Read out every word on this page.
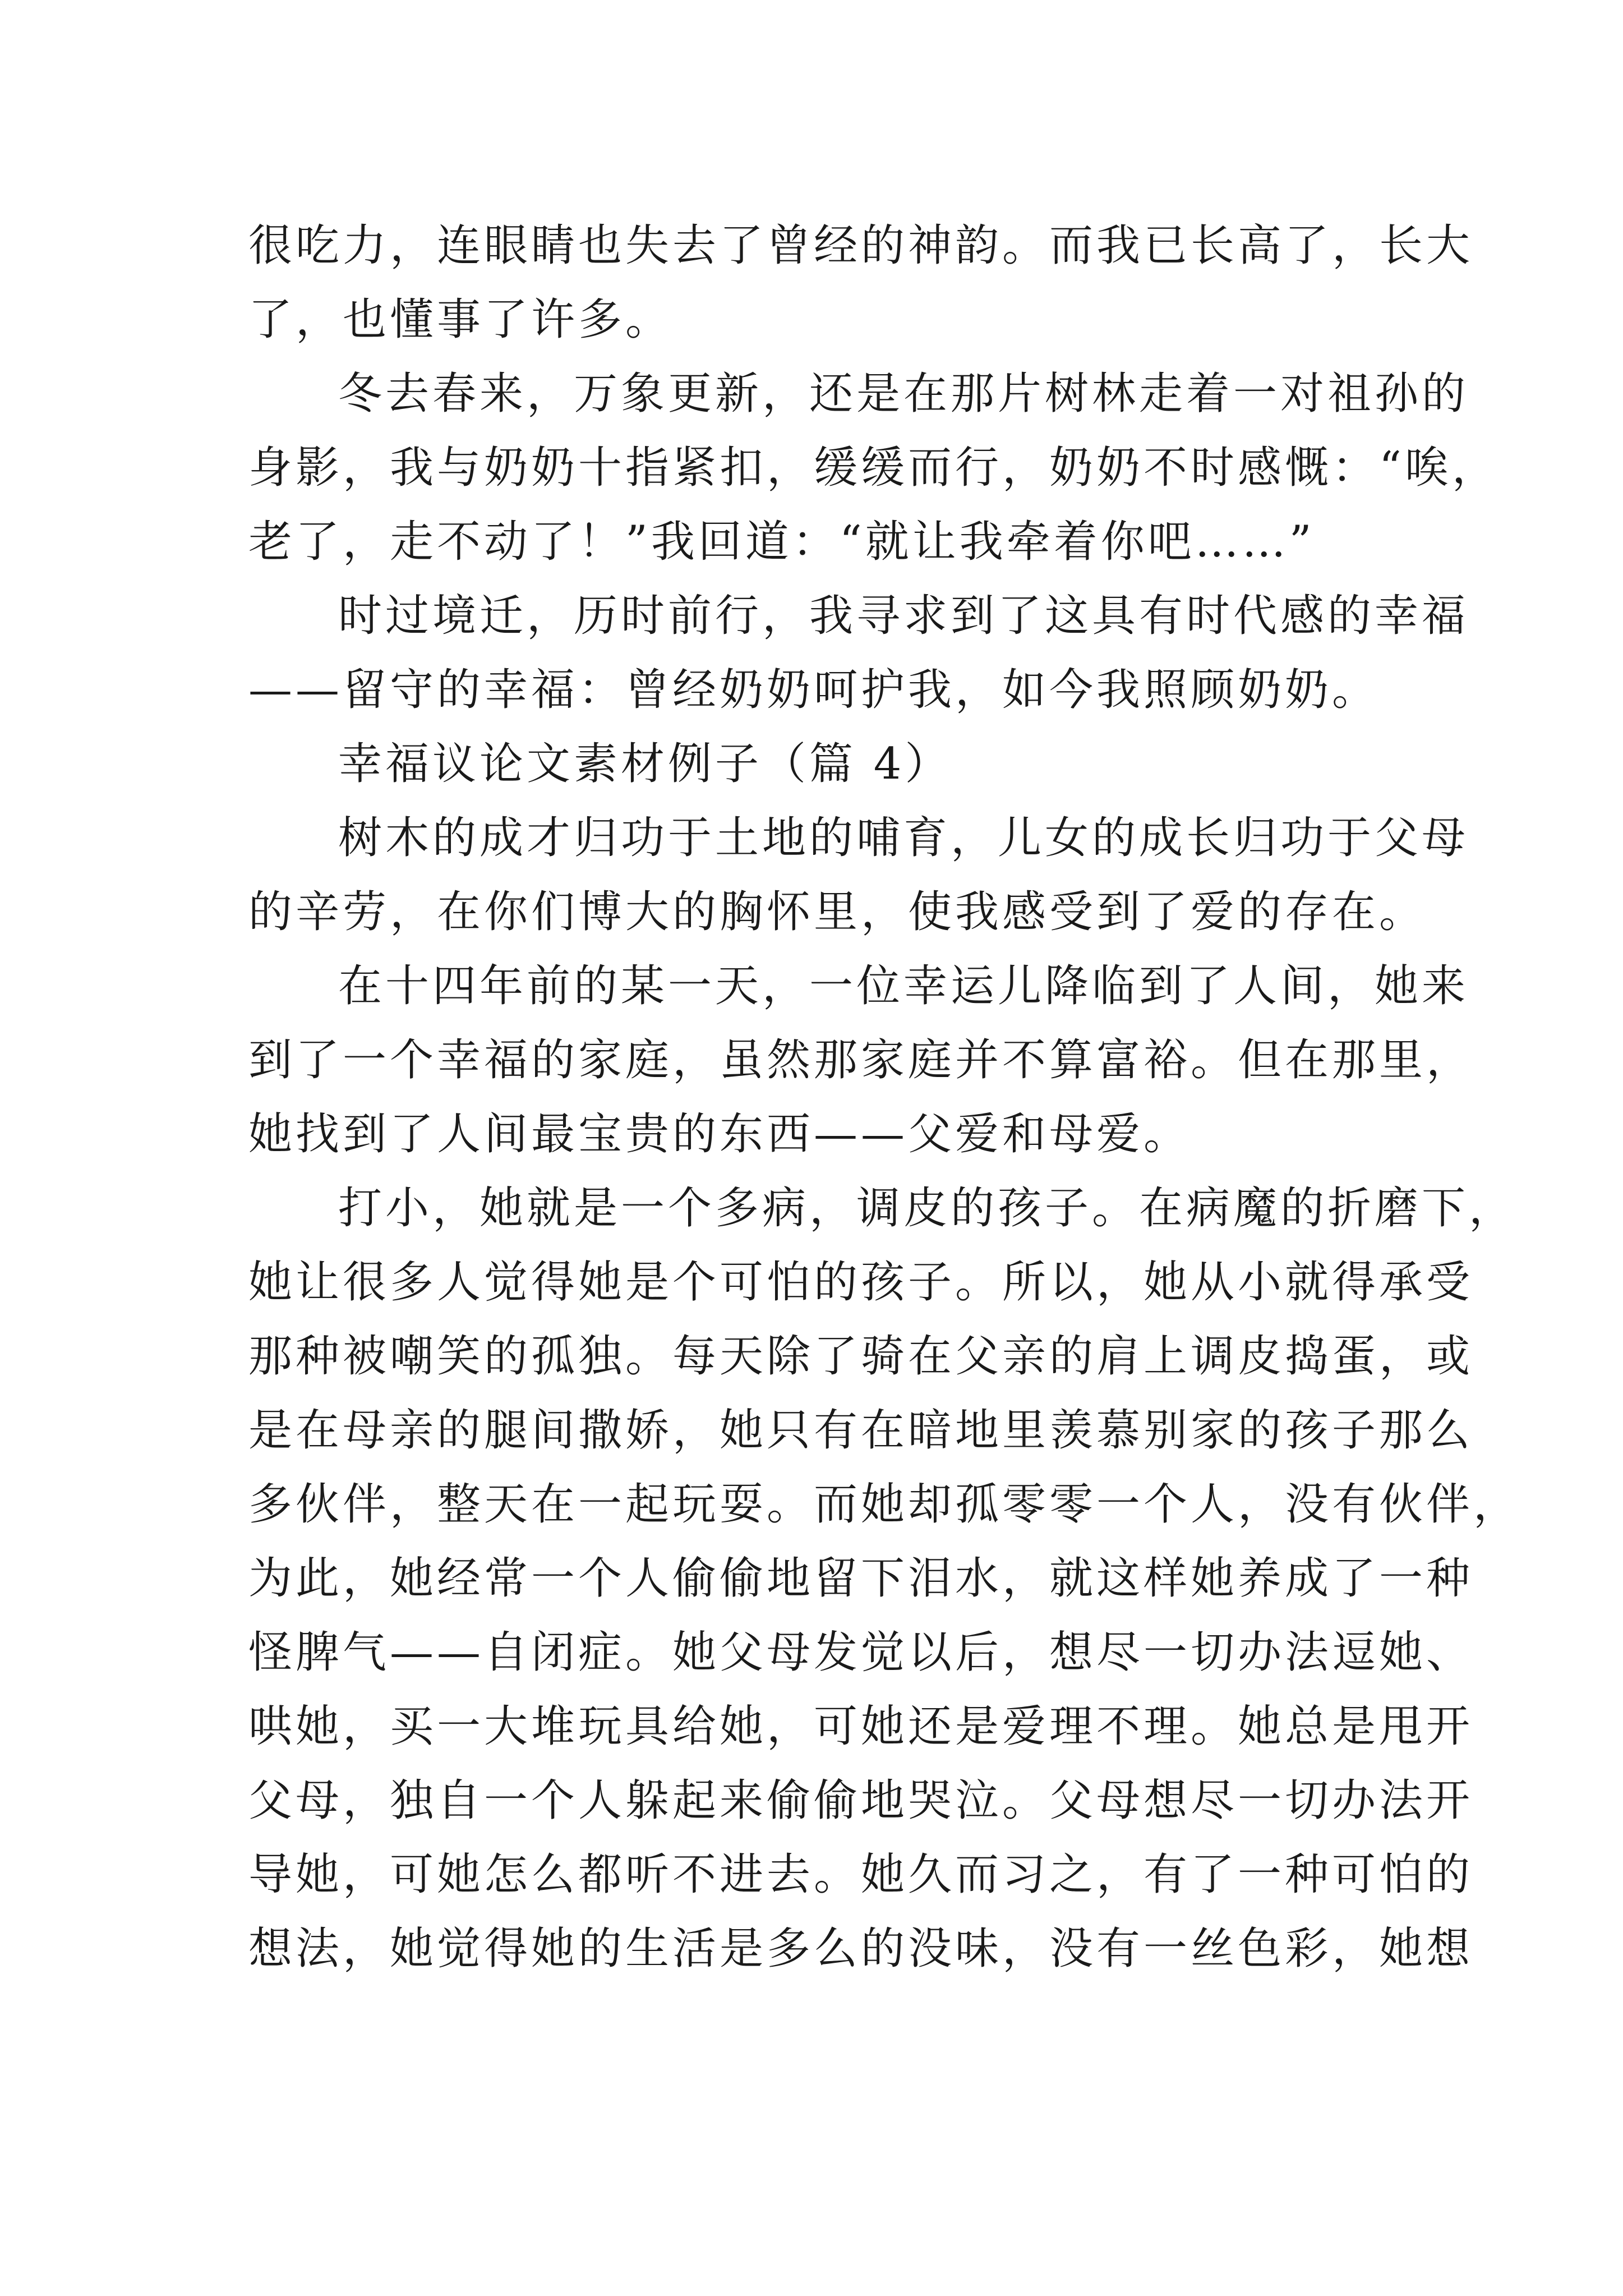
很吃力，连眼睛也失去了曾经的神韵。而我已长高了，长大
了，也懂事了许多。
冬去春来，万象更新，还是在那片树林走着一对祖孙的
身影，我与奶奶十指紧扣，缓缓而行，奶奶不时感慨：“唉，
老了，走不动了！”我回道：“就让我牵着你吧……”
时过境迁，历时前行，我寻求到了这具有时代感的幸福
——留守的幸福：曾经奶奶呵护我，如今我照顾奶奶。
幸福议论文素材例子（篇 4）
树木的成才归功于土地的哺育，儿女的成长归功于父母
的辛劳，在你们博大的胸怀里，使我感受到了爱的存在。
在十四年前的某一天，一位幸运儿降临到了人间，她来
到了一个幸福的家庭，虽然那家庭并不算富裕。但在那里，
她找到了人间最宝贵的东西——父爱和母爱。
打小，她就是一个多病，调皮的孩子。在病魔的折磨下，
她让很多人觉得她是个可怕的孩子。所以，她从小就得承受
那种被嘲笑的孤独。每天除了骑在父亲的肩上调皮捣蛋，或
是在母亲的腿间撒娇，她只有在暗地里羡慕别家的孩子那么
多伙伴，整天在一起玩耍。而她却孤零零一个人，没有伙伴，
为此，她经常一个人偷偷地留下泪水，就这样她养成了一种
怪脾气——自闭症。她父母发觉以后，想尽一切办法逗她、
哄她，买一大堆玩具给她，可她还是爱理不理。她总是甩开
父母，独自一个人躲起来偷偷地哭泣。父母想尽一切办法开
导她，可她怎么都听不进去。她久而习之，有了一种可怕的
想法，她觉得她的生活是多么的没味，没有一丝色彩，她想
